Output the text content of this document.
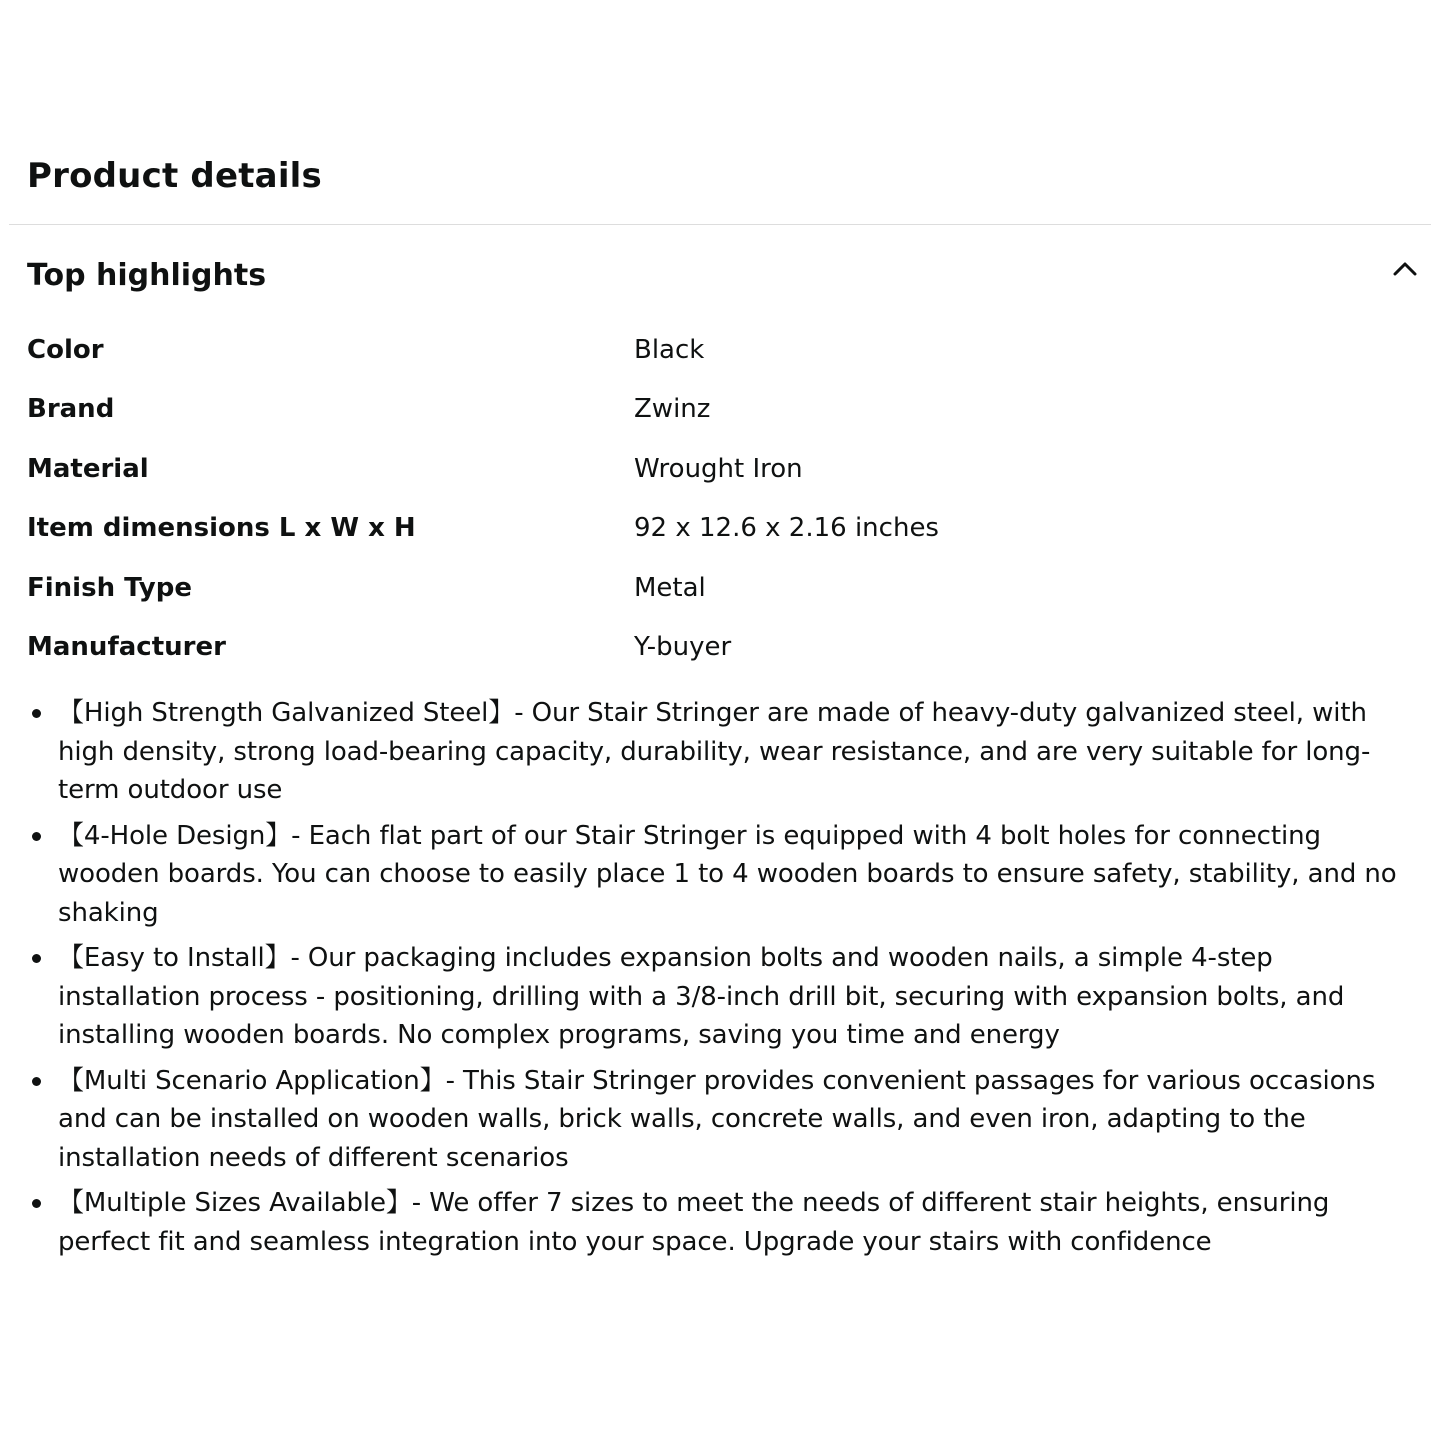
Product details
Top highlights
Color	Black
Brand	Zwinz
Material	Wrought Iron
Item dimensions L x W x H	92 x 12.6 x 2.16 inches
Finish Type	Metal
Manufacturer	Y-buyer
【High Strength Galvanized Steel】- Our Stair Stringer are made of heavy-duty galvanized steel, with high density, strong load-bearing capacity, durability, wear resistance, and are very suitable for long-term outdoor use
【4-Hole Design】- Each flat part of our Stair Stringer is equipped with 4 bolt holes for connecting wooden boards. You can choose to easily place 1 to 4 wooden boards to ensure safety, stability, and no shaking
【Easy to Install】- Our packaging includes expansion bolts and wooden nails, a simple 4-step installation process - positioning, drilling with a 3/8-inch drill bit, securing with expansion bolts, and installing wooden boards. No complex programs, saving you time and energy
【Multi Scenario Application】- This Stair Stringer provides convenient passages for various occasions and can be installed on wooden walls, brick walls, concrete walls, and even iron, adapting to the installation needs of different scenarios
【Multiple Sizes Available】- We offer 7 sizes to meet the needs of different stair heights, ensuring perfect fit and seamless integration into your space. Upgrade your stairs with confidence
